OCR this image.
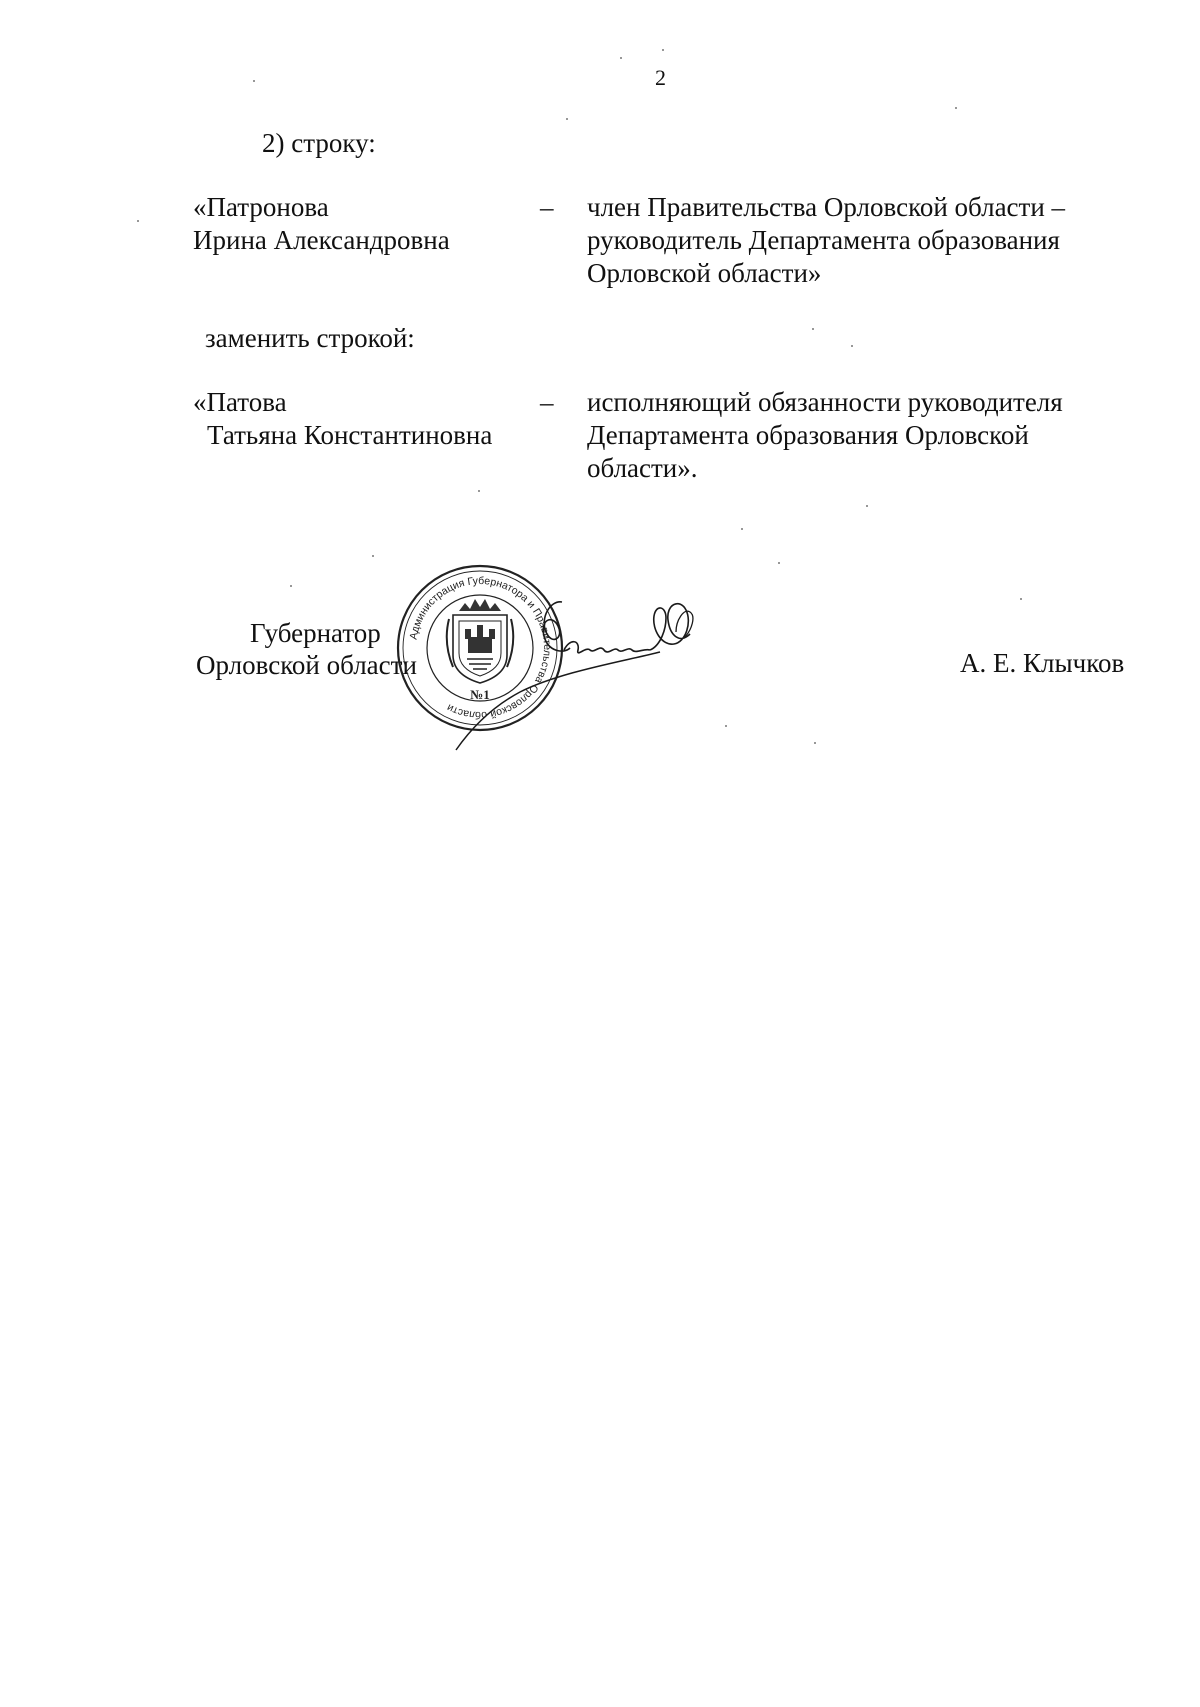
2
2) строку:
«Патронова
Ирина Александровна
– член Правительства Орловской области –
руководитель Департамента образования
Орловской области»
заменить строкой:
«Патова
Татьяна Константиновна
– исполняющий обязанности руководителя
Департамента образования Орловской
области».
Губернатор
Орловской области	А. Е. Клычков
Администрация Губернатора и Правительства Орловской области
№1
